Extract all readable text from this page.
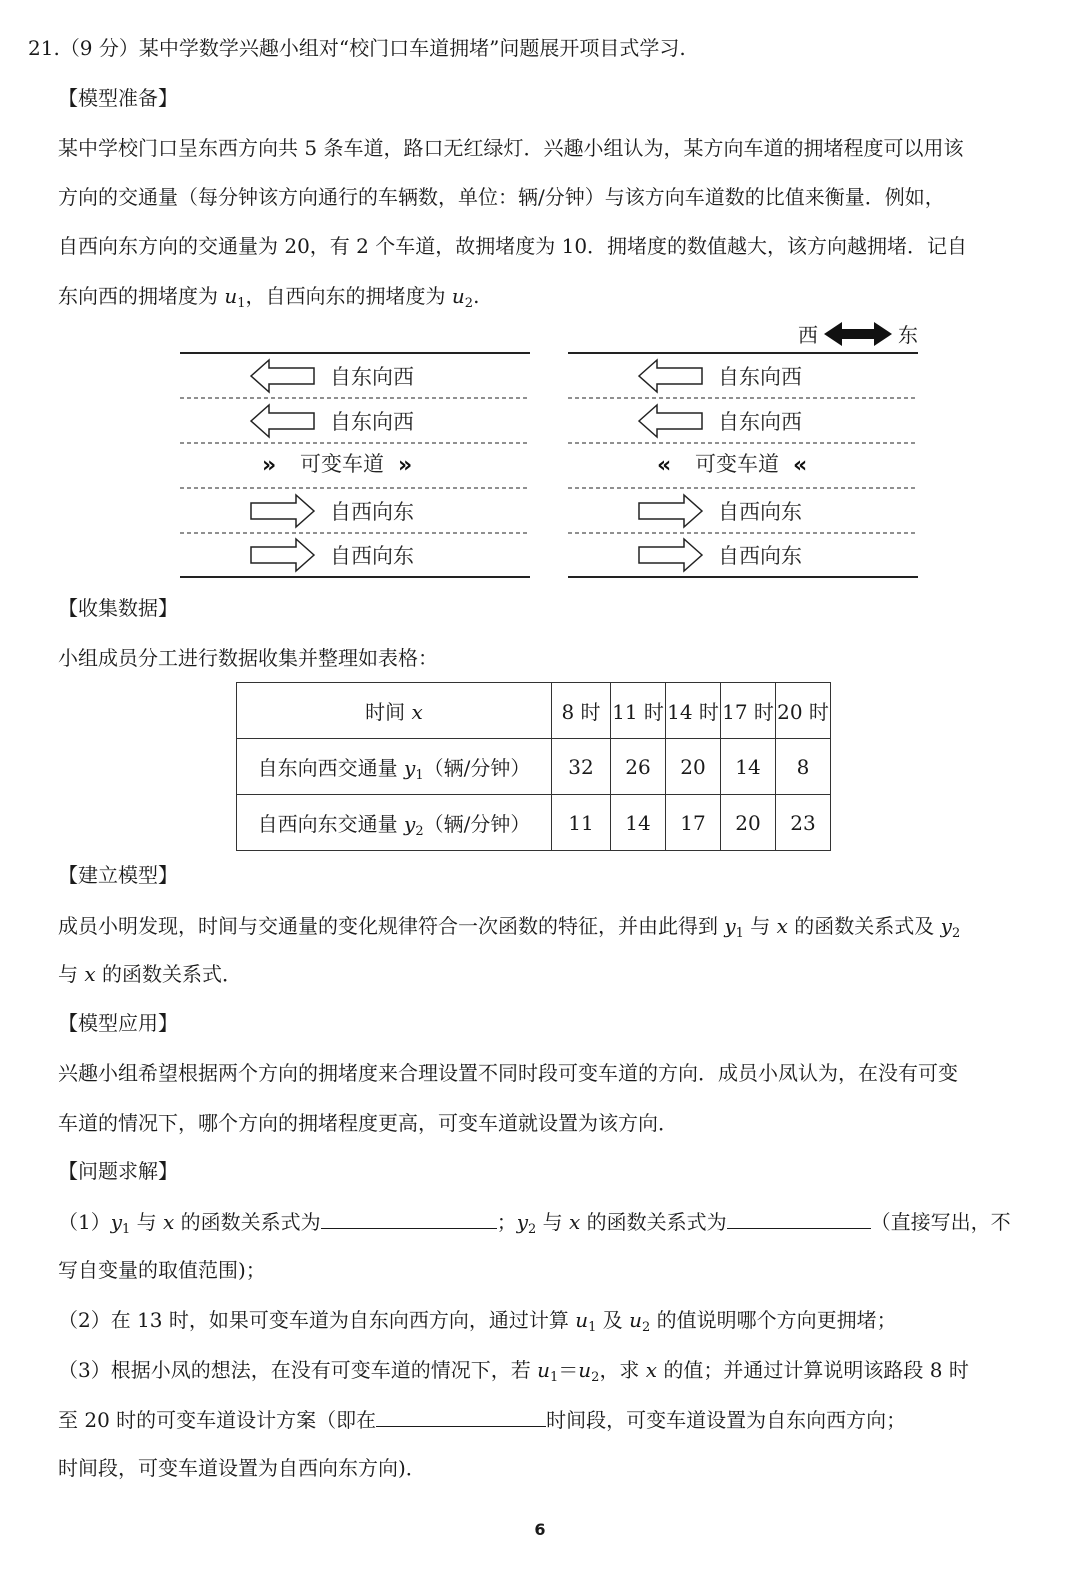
21.（9 分）某中学数学兴趣小组对“校门口车道拥堵”问题展开项目式学习.
【模型准备】
某中学校门口呈东西方向共 5 条车道，路口无红绿灯．兴趣小组认为，某方向车道的拥堵程度可以用该
方向的交通量（每分钟该方向通行的车辆数，单位：辆/分钟）与该方向车道数的比值来衡量．例如，
自西向东方向的交通量为 20，有 2 个车道，故拥堵度为 10．拥堵度的数值越大，该方向越拥堵．记自
东向西的拥堵度为 $u_1$，自西向东的拥堵度为 $u_2$.
西	东
自东向西
自东向西
» 可变车道 »
自西向东
自西向东
自东向西
自东向西
« 可变车道 «
自西向东
自西向东
【收集数据】
小组成员分工进行数据收集并整理如表格：
时间 x	8 时	11 时	14 时	17 时	20 时
自东向西交通量 $y_1$（辆/分钟）	32	26	20	14	8
自西向东交通量 $y_2$（辆/分钟）	11	14	17	20	23
【建立模型】
成员小明发现，时间与交通量的变化规律符合一次函数的特征，并由此得到 $y_1$ 与 x 的函数关系式及 $y_2$
与 x 的函数关系式．
【模型应用】
兴趣小组希望根据两个方向的拥堵度来合理设置不同时段可变车道的方向．成员小凤认为，在没有可变
车道的情况下，哪个方向的拥堵程度更高，可变车道就设置为该方向．
【问题求解】
$(1)y_1$ 与 x 的函数关系式为	；$y_2$ 与 x 的函数关系式为	（直接写出，不
写自变量的取值范围)；
（2）在 13 时，如果可变车道为自东向西方向，通过计算 $u_1$ 及 $u_2$ 的值说明哪个方向更拥堵；
（3）根据小凤的想法，在没有可变车道的情况下，若 $u_1=u_2$，求 x 的值；并通过计算说明该路段 8 时
至 20 时的可变车道设计方案（即在	时间段，可变车道设置为自东向西方向；
时间段，可变车道设置为自西向东方向)．
6
